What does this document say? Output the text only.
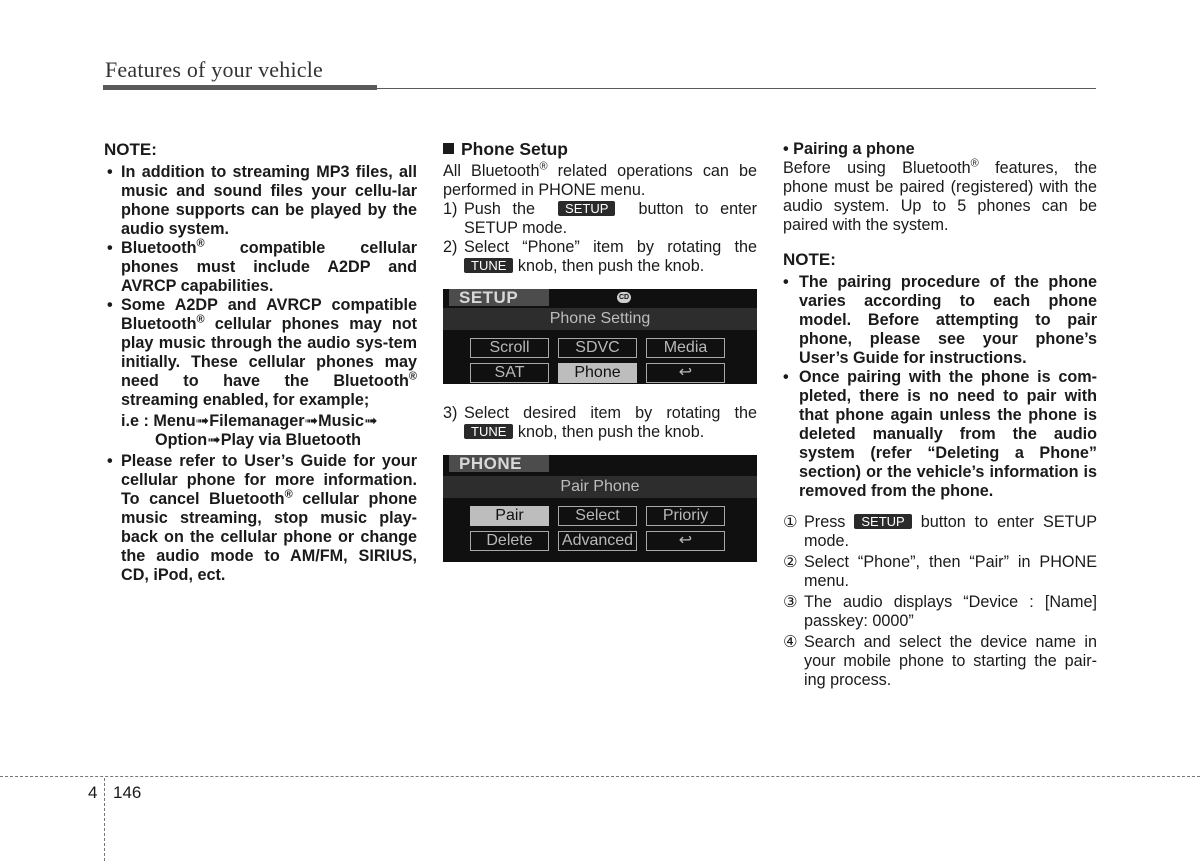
Features of your vehicle
NOTE:
• In addition to streaming MP3 files, all music and sound files your cellu-lar phone supports can be played by the audio system.
• Bluetooth® compatible cellular phones must include A2DP and AVRCP capabilities.
• Some A2DP and AVRCP compatible Bluetooth® cellular phones may not play music through the audio sys-tem initially. These cellular phones may need to have the Bluetooth® streaming enabled, for example;
i.e : Menu➟Filemanager➟Music➟
Option➟Play via Bluetooth
• Please refer to User’s Guide for your cellular phone for more information. To cancel Bluetooth® cellular phone music streaming, stop music play-back on the cellular phone or change the audio mode to AM/FM, SIRIUS, CD, iPod, ect.
Phone Setup
All Bluetooth® related operations can be performed in PHONE menu.
1) Push the SETUP button to enter SETUP mode.
2) Select “Phone” item by rotating the TUNE knob, then push the knob.
SETUP	CD
Phone Setting
Scroll	SDVC	Media
SAT	Phone	↩
3) Select desired item by rotating the TUNE knob, then push the knob.
PHONE
Pair Phone
Pair	Select	Prioriy
Delete	Advanced	↩
• Pairing a phone
Before using Bluetooth® features, the phone must be paired (registered) with the audio system. Up to 5 phones can be paired with the system.
NOTE:
• The pairing procedure of the phone varies according to each phone model. Before attempting to pair phone, please see your phone’s User’s Guide for instructions.
• Once pairing with the phone is com-pleted, there is no need to pair with that phone again unless the phone is deleted manually from the audio system (refer “Deleting a Phone” section) or the vehicle’s information is removed from the phone.
① Press SETUP button to enter SETUP mode.
② Select “Phone”, then “Pair” in PHONE menu.
③ The audio displays “Device : [Name] passkey: 0000”
④ Search and select the device name in your mobile phone to starting the pair-ing process.
4 146
